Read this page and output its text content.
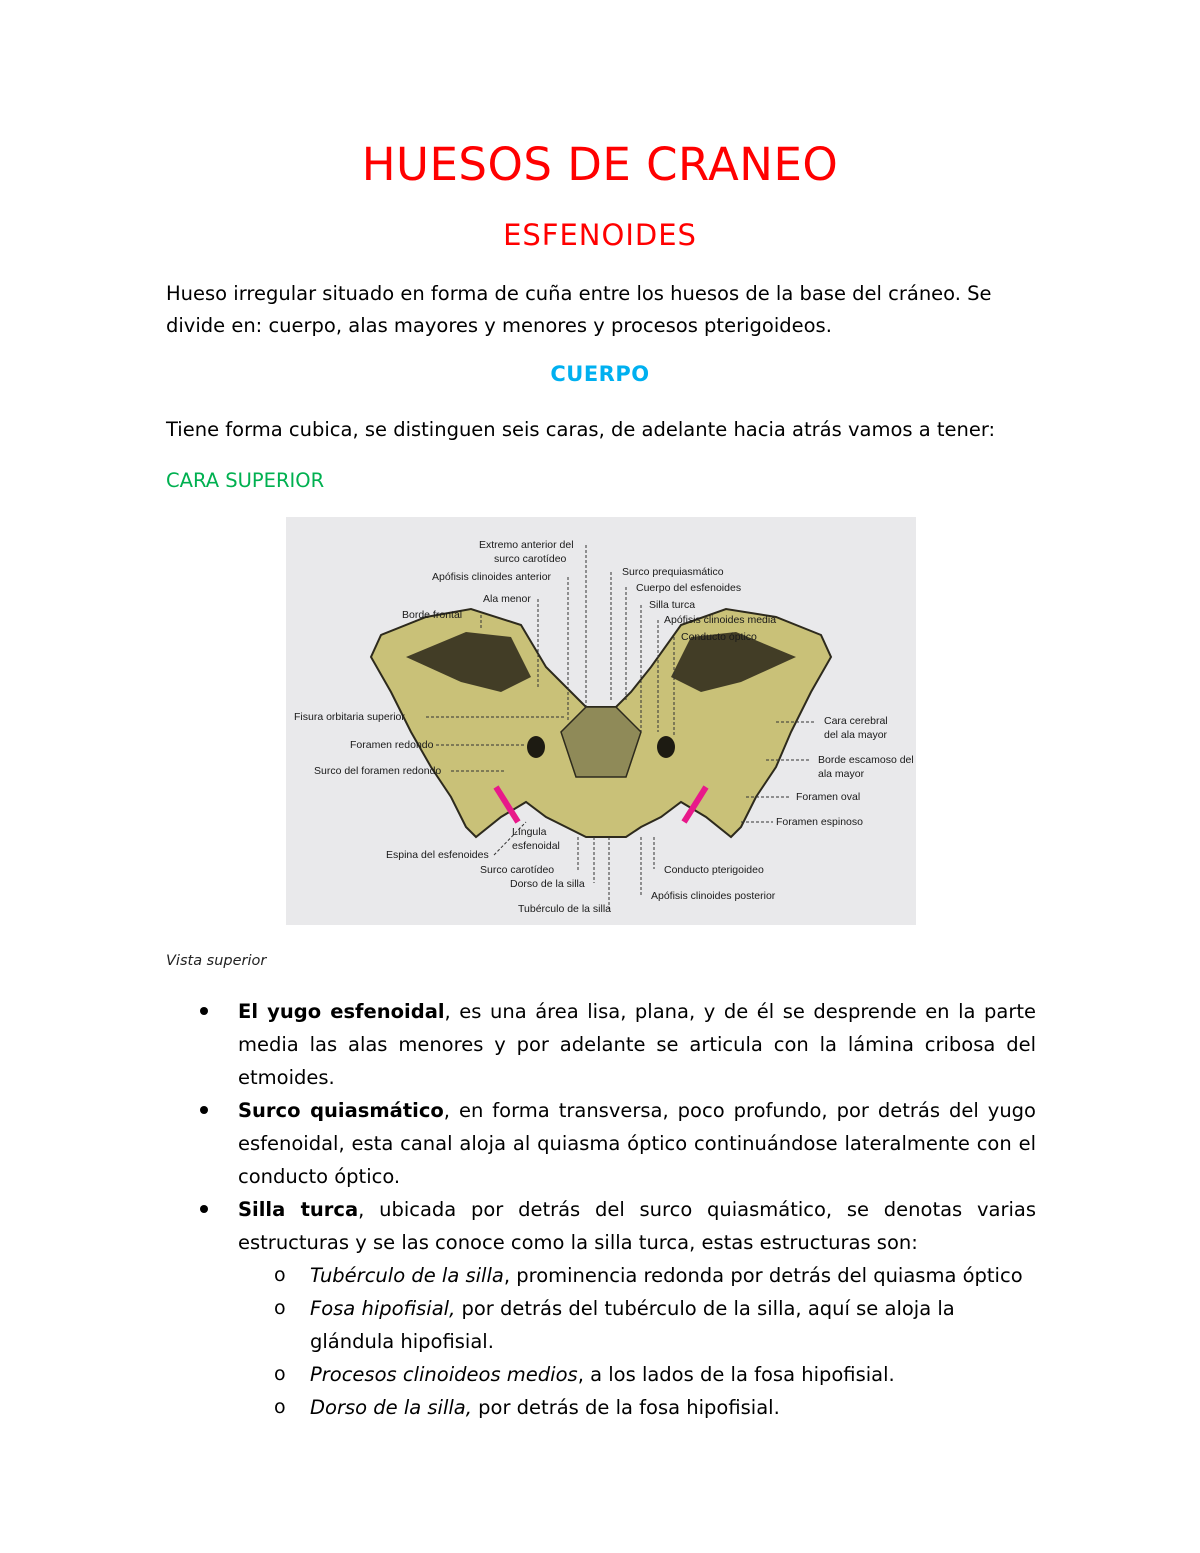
HUESOS DE CRANEO
ESFENOIDES
Hueso irregular situado en forma de cuña entre los huesos de la base del cráneo. Se divide en: cuerpo, alas mayores y menores y procesos pterigoideos.
CUERPO
Tiene forma cubica, se distinguen seis caras, de adelante hacia atrás vamos a tener:
CARA SUPERIOR
Extremo anterior del
surco carotídeo
Apófisis clinoides anterior
Ala menor
Borde frontal
Fisura orbitaria superior
Foramen redondo
Surco del foramen redondo
Língula
esfenoidal
Espina del esfenoides
Surco carotídeo
Dorso de la silla
Tubérculo de la silla
Surco prequiasmático
Cuerpo del esfenoides
Silla turca
Apófisis clinoides media
Conducto óptico
Cara cerebral
del ala mayor
Borde escamoso del
ala mayor
Foramen oval
Foramen espinoso
Conducto pterigoideo
Apófisis clinoides posterior
Vista superior
El yugo esfenoidal, es una área lisa, plana, y de él se desprende en la parte media las alas menores y por adelante se articula con la lámina cribosa del etmoides.
Surco quiasmático, en forma transversa, poco profundo, por detrás del yugo esfenoidal, esta canal aloja al quiasma óptico continuándose lateralmente con el conducto óptico.
Silla turca, ubicada por detrás del surco quiasmático, se denotas varias estructuras y se las conoce como la silla turca, estas estructuras son:
o Tubérculo de la silla, prominencia redonda por detrás del quiasma óptico
o Fosa hipofisial, por detrás del tubérculo de la silla, aquí se aloja la glándula hipofisial.
o Procesos clinoideos medios, a los lados de la fosa hipofisial.
o Dorso de la silla, por detrás de la fosa hipofisial.
